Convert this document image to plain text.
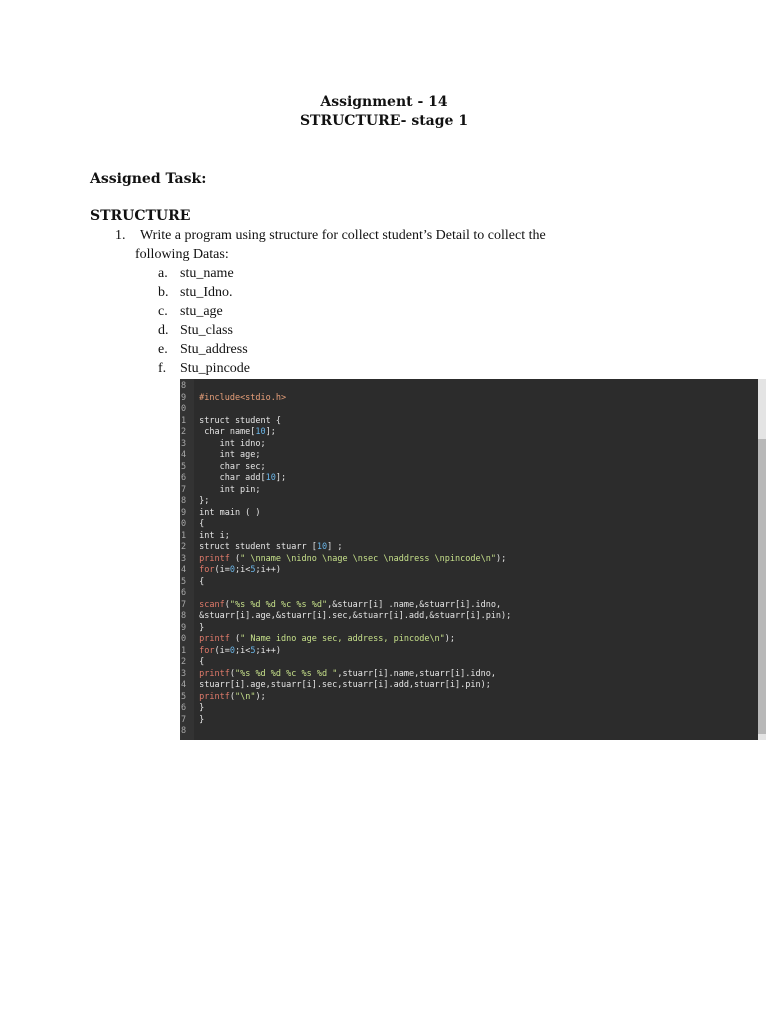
Assignment - 14
STRUCTURE- stage 1
Assigned Task:
STRUCTURE
1. Write a program using structure for collect student’s Detail to collect the
following Datas:
a. stu_name
b. stu_Idno.
c. stu_age
d. Stu_class
e. Stu_address
f. Stu_pincode
8
9 #include<stdio.h>
0
1 struct student {
2  char name[10];
3     int idno;
4     int age;
5     char sec;
6     char add[10];
7     int pin;
8 };
9 int main ( )
0 {
1 int i;
2 struct student stuarr [10] ;
3 printf (" \nname \nidno \nage \nsec \naddress \npincode\n");
4 for(i=0;i<5;i++)
5 {
6
7 scanf("%s %d %d %c %s %d",&stuarr[i] .name,&stuarr[i].idno,
8 &stuarr[i].age,&stuarr[i].sec,&stuarr[i].add,&stuarr[i].pin);
9 }
0 printf (" Name idno age sec, address, pincode\n");
1 for(i=0;i<5;i++)
2 {
3 printf("%s %d %d %c %s %d ",stuarr[i].name,stuarr[i].idno,
4 stuarr[i].age,stuarr[i].sec,stuarr[i].add,stuarr[i].pin);
5 printf("\n");
6 }
7 }
8
